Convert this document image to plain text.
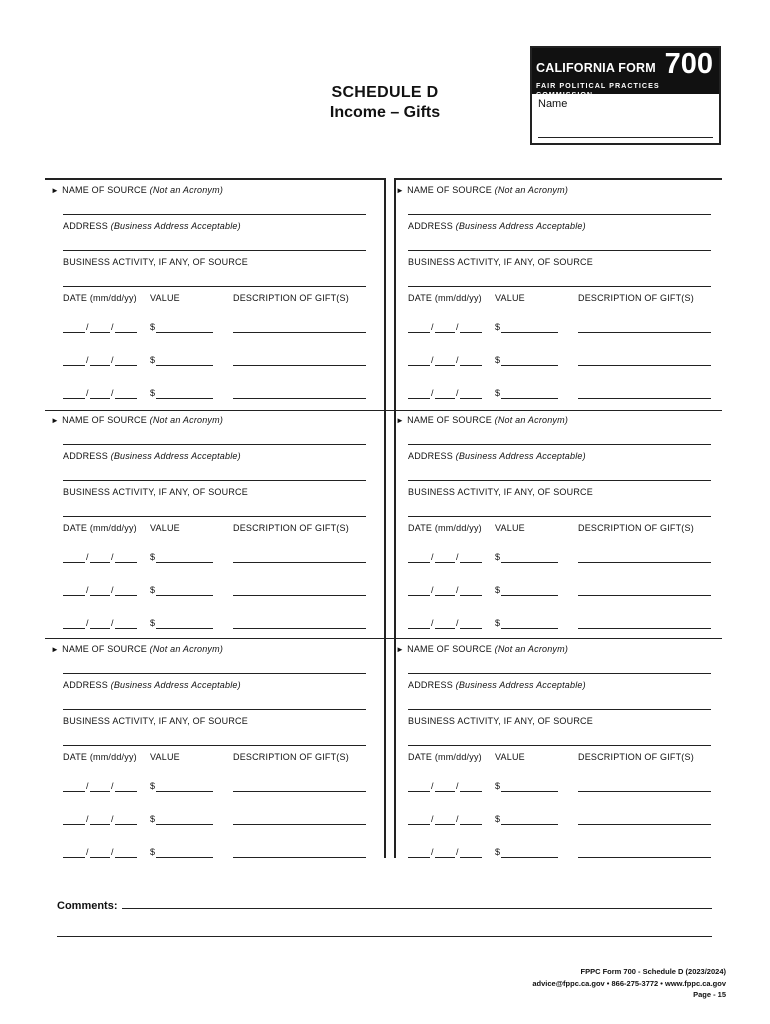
SCHEDULE D
Income – Gifts
CALIFORNIA FORM 700
FAIR POLITICAL PRACTICES COMMISSION
Name
► NAME OF SOURCE (Not an Acronym)
ADDRESS (Business Address Acceptable)
BUSINESS ACTIVITY, IF ANY, OF SOURCE
DATE (mm/dd/yy) VALUE	DESCRIPTION OF GIFT(S)
/ /	$
/ /	$
/ /	$
► NAME OF SOURCE (Not an Acronym)
ADDRESS (Business Address Acceptable)
BUSINESS ACTIVITY, IF ANY, OF SOURCE
DATE (mm/dd/yy) VALUE	DESCRIPTION OF GIFT(S)
/ /	$
/ /	$
/ /	$
► NAME OF SOURCE (Not an Acronym)
ADDRESS (Business Address Acceptable)
BUSINESS ACTIVITY, IF ANY, OF SOURCE
DATE (mm/dd/yy) VALUE	DESCRIPTION OF GIFT(S)
/ /	$
/ /	$
/ /	$
► NAME OF SOURCE (Not an Acronym)
ADDRESS (Business Address Acceptable)
BUSINESS ACTIVITY, IF ANY, OF SOURCE
DATE (mm/dd/yy) VALUE	DESCRIPTION OF GIFT(S)
/ /	$
/ /	$
/ /	$
► NAME OF SOURCE (Not an Acronym)
ADDRESS (Business Address Acceptable)
BUSINESS ACTIVITY, IF ANY, OF SOURCE
DATE (mm/dd/yy) VALUE	DESCRIPTION OF GIFT(S)
/ /	$
/ /	$
/ /	$
► NAME OF SOURCE (Not an Acronym)
ADDRESS (Business Address Acceptable)
BUSINESS ACTIVITY, IF ANY, OF SOURCE
DATE (mm/dd/yy) VALUE	DESCRIPTION OF GIFT(S)
/ /	$
/ /	$
/ /	$
Comments:
FPPC Form 700 - Schedule D (2023/2024)
advice@fppc.ca.gov • 866-275-3772 • www.fppc.ca.gov
Page - 15
